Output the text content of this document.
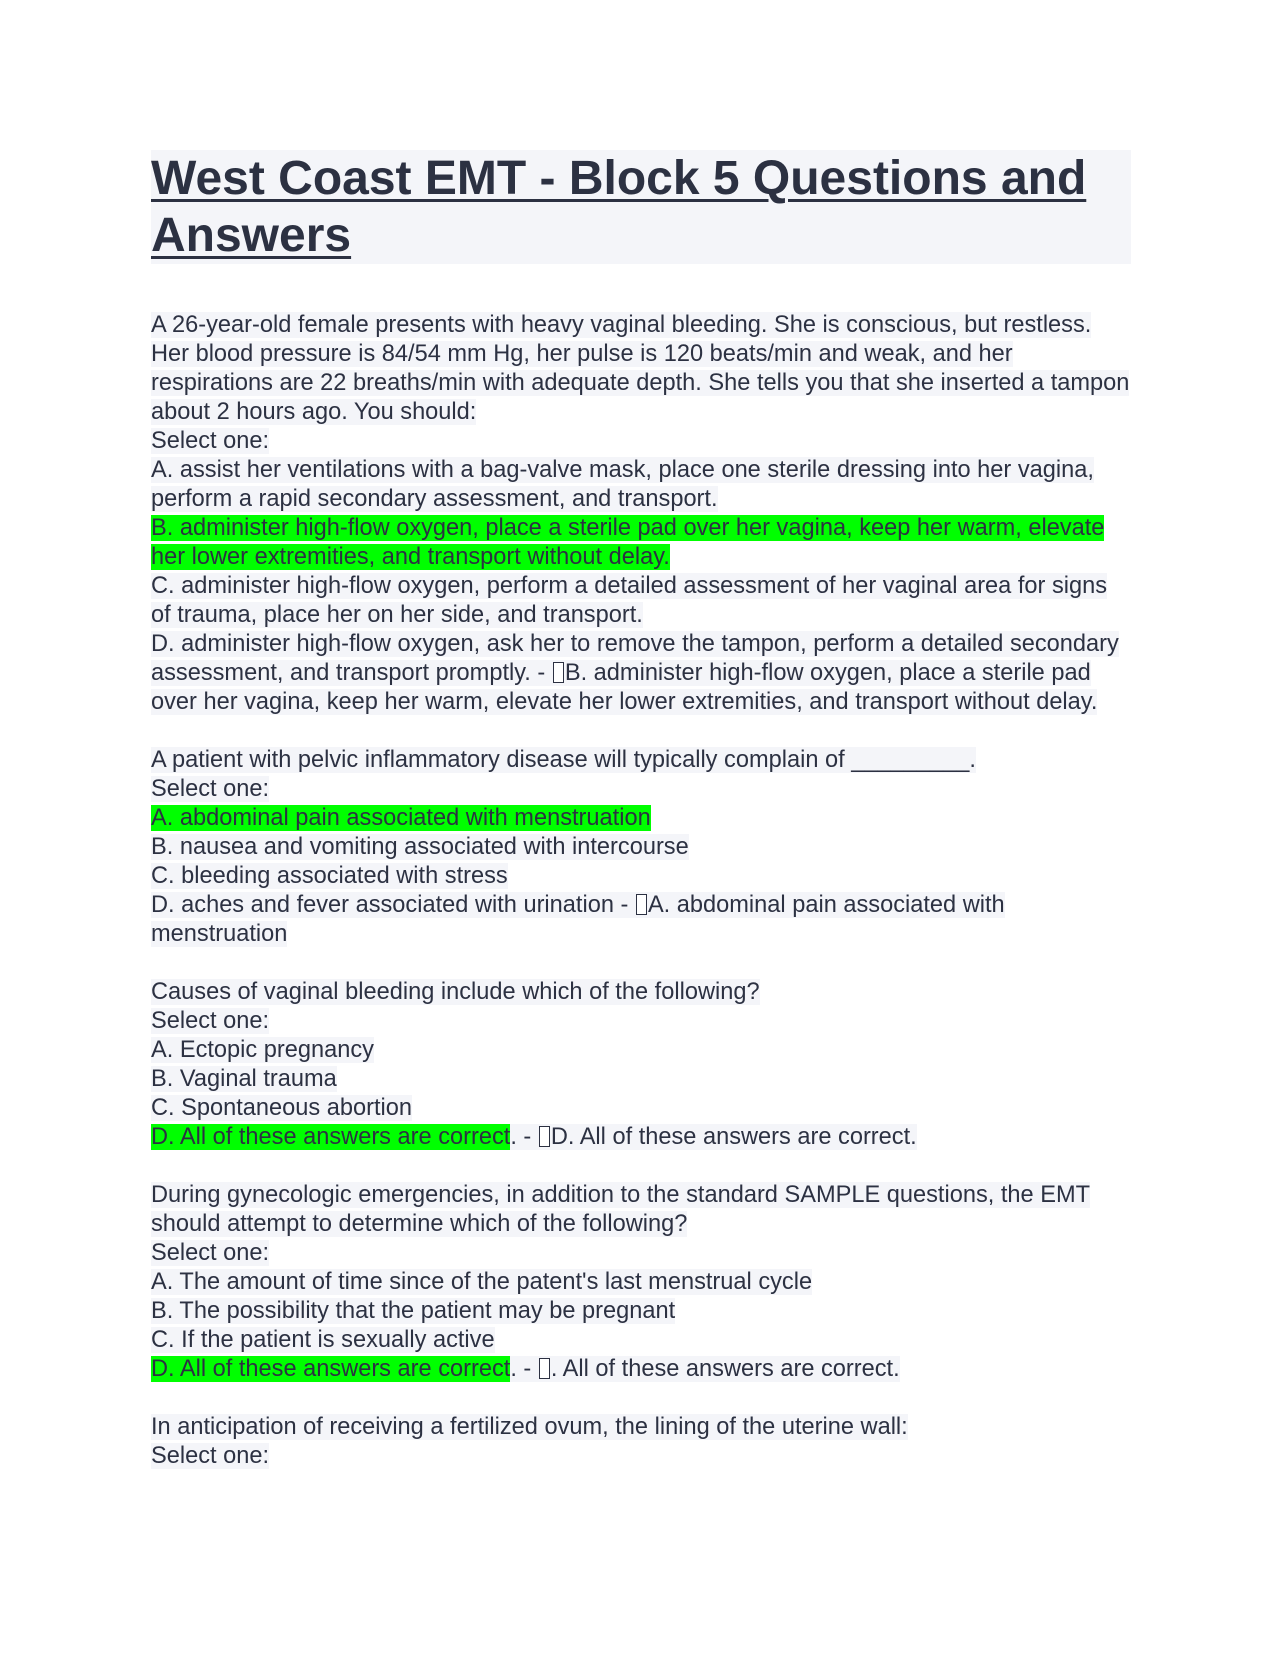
West Coast EMT - Block 5 Questions and Answers
A 26-year-old female presents with heavy vaginal bleeding. She is conscious, but restless. Her blood pressure is 84/54 mm Hg, her pulse is 120 beats/min and weak, and her respirations are 22 breaths/min with adequate depth. She tells you that she inserted a tampon about 2 hours ago. You should:
Select one:
A. assist her ventilations with a bag-valve mask, place one sterile dressing into her vagina, perform a rapid secondary assessment, and transport.
B. administer high-flow oxygen, place a sterile pad over her vagina, keep her warm, elevate her lower extremities, and transport without delay.
C. administer high-flow oxygen, perform a detailed assessment of her vaginal area for signs of trauma, place her on her side, and transport.
D. administer high-flow oxygen, ask her to remove the tampon, perform a detailed secondary assessment, and transport promptly. - B. administer high-flow oxygen, place a sterile pad over her vagina, keep her warm, elevate her lower extremities, and transport without delay.
A patient with pelvic inflammatory disease will typically complain of _________.
Select one:
A. abdominal pain associated with menstruation
B. nausea and vomiting associated with intercourse
C. bleeding associated with stress
D. aches and fever associated with urination - A. abdominal pain associated with menstruation
Causes of vaginal bleeding include which of the following?
Select one:
A. Ectopic pregnancy
B. Vaginal trauma
C. Spontaneous abortion
D. All of these answers are correct. - D. All of these answers are correct.
During gynecologic emergencies, in addition to the standard SAMPLE questions, the EMT should attempt to determine which of the following?
Select one:
A. The amount of time since of the patent's last menstrual cycle
B. The possibility that the patient may be pregnant
C. If the patient is sexually active
D. All of these answers are correct. - . All of these answers are correct.
In anticipation of receiving a fertilized ovum, the lining of the uterine wall:
Select one:
